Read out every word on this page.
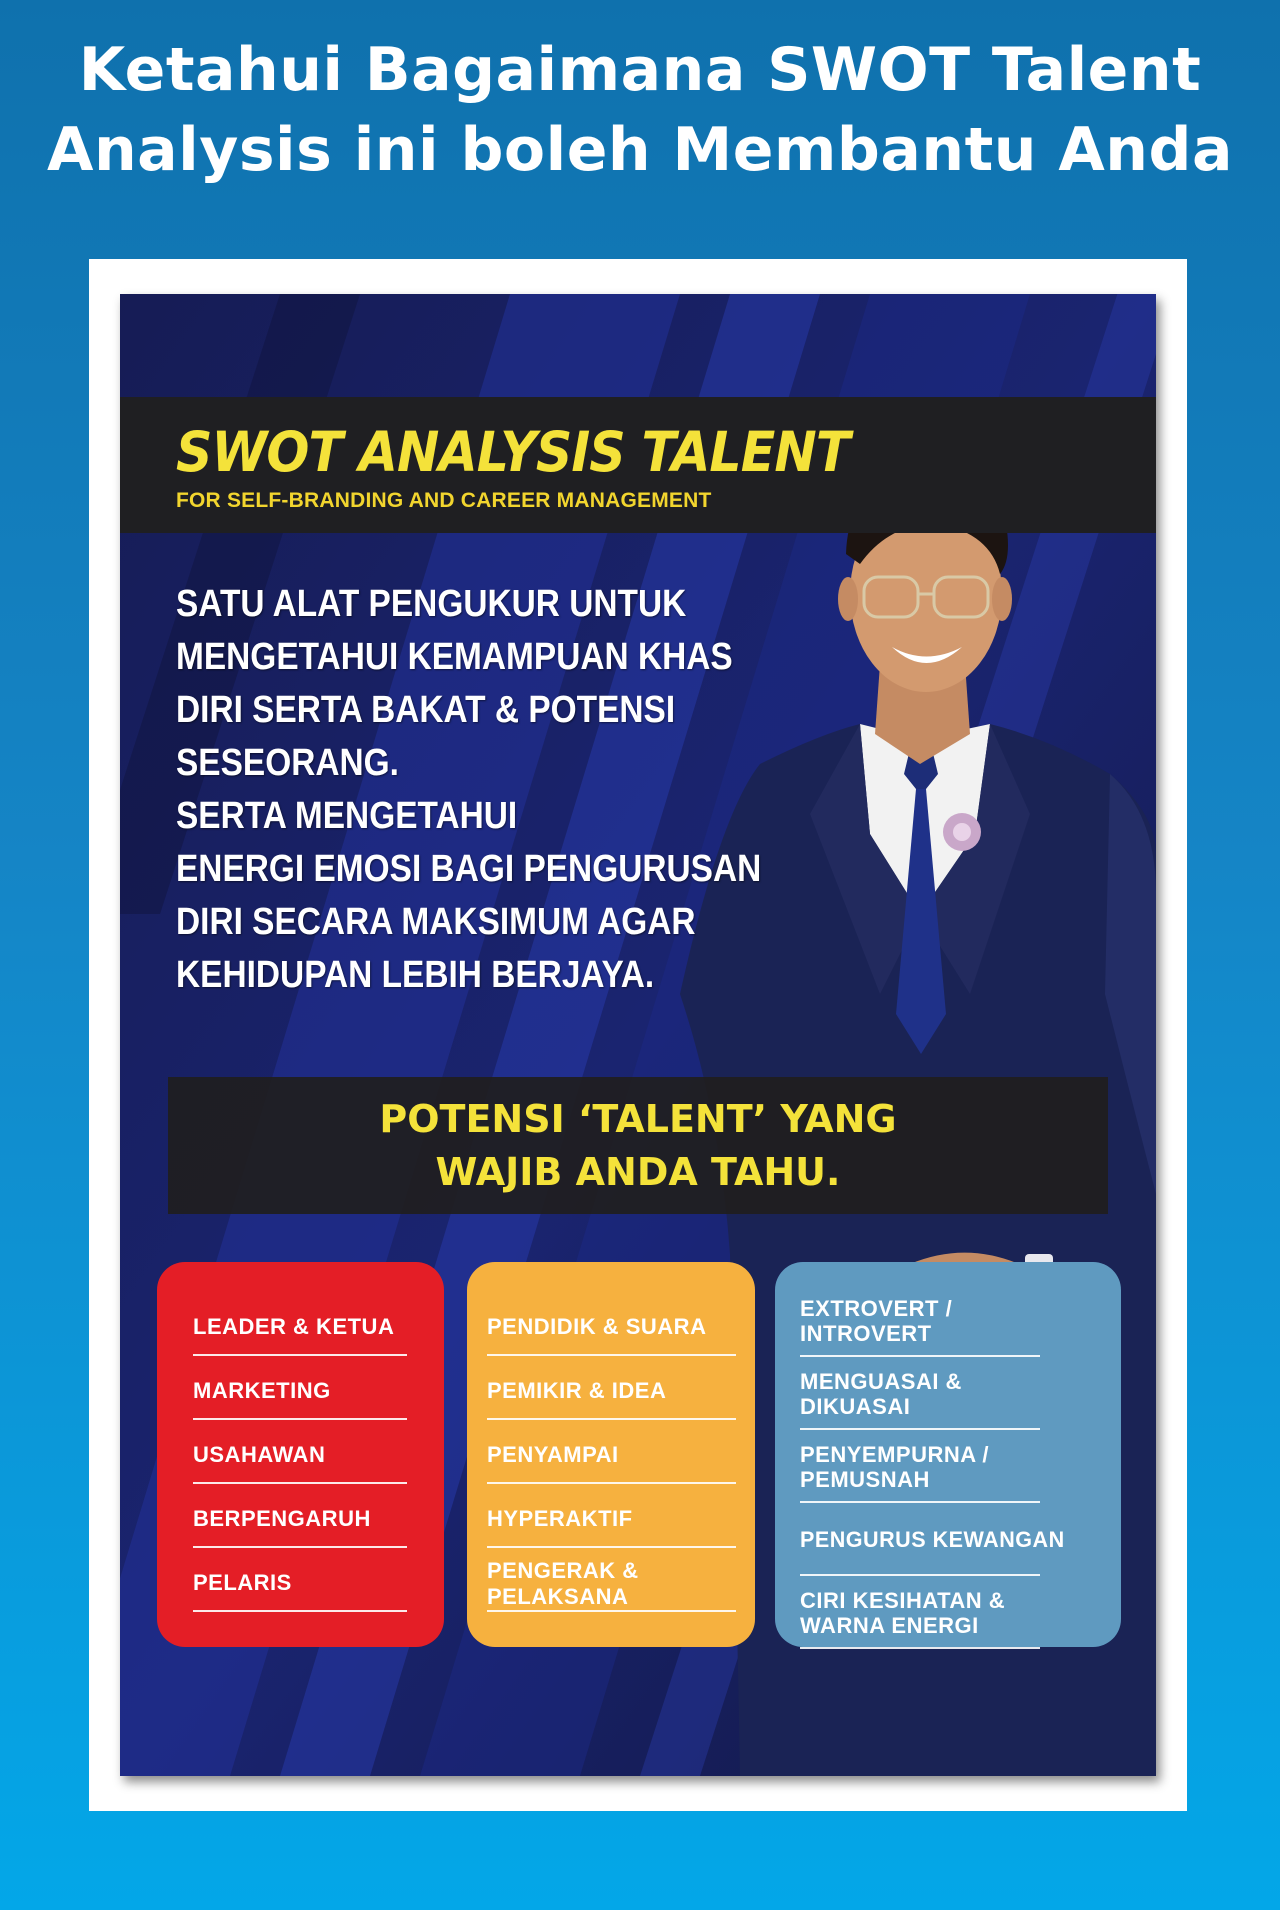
Ketahui Bagaimana SWOT Talent
Analysis ini boleh Membantu Anda
SWOT ANALYSIS TALENT
FOR SELF-BRANDING AND CAREER MANAGEMENT
SATU ALAT PENGUKUR UNTUK
MENGETAHUI KEMAMPUAN KHAS
DIRI SERTA BAKAT & POTENSI
SESEORANG.
SERTA MENGETAHUI
ENERGI EMOSI BAGI PENGURUSAN
DIRI SECARA MAKSIMUM AGAR
KEHIDUPAN LEBIH BERJAYA.
POTENSI ‘TALENT’ YANG
WAJIB ANDA TAHU.
LEADER & KETUA
MARKETING
USAHAWAN
BERPENGARUH
PELARIS
PENDIDIK & SUARA
PEMIKIR & IDEA
PENYAMPAI
HYPERAKTIF
PENGERAK &
PELAKSANA
EXTROVERT /
INTROVERT
MENGUASAI &
DIKUASAI
PENYEMPURNA /
PEMUSNAH
PENGURUS KEWANGAN
CIRI KESIHATAN &
WARNA ENERGI
